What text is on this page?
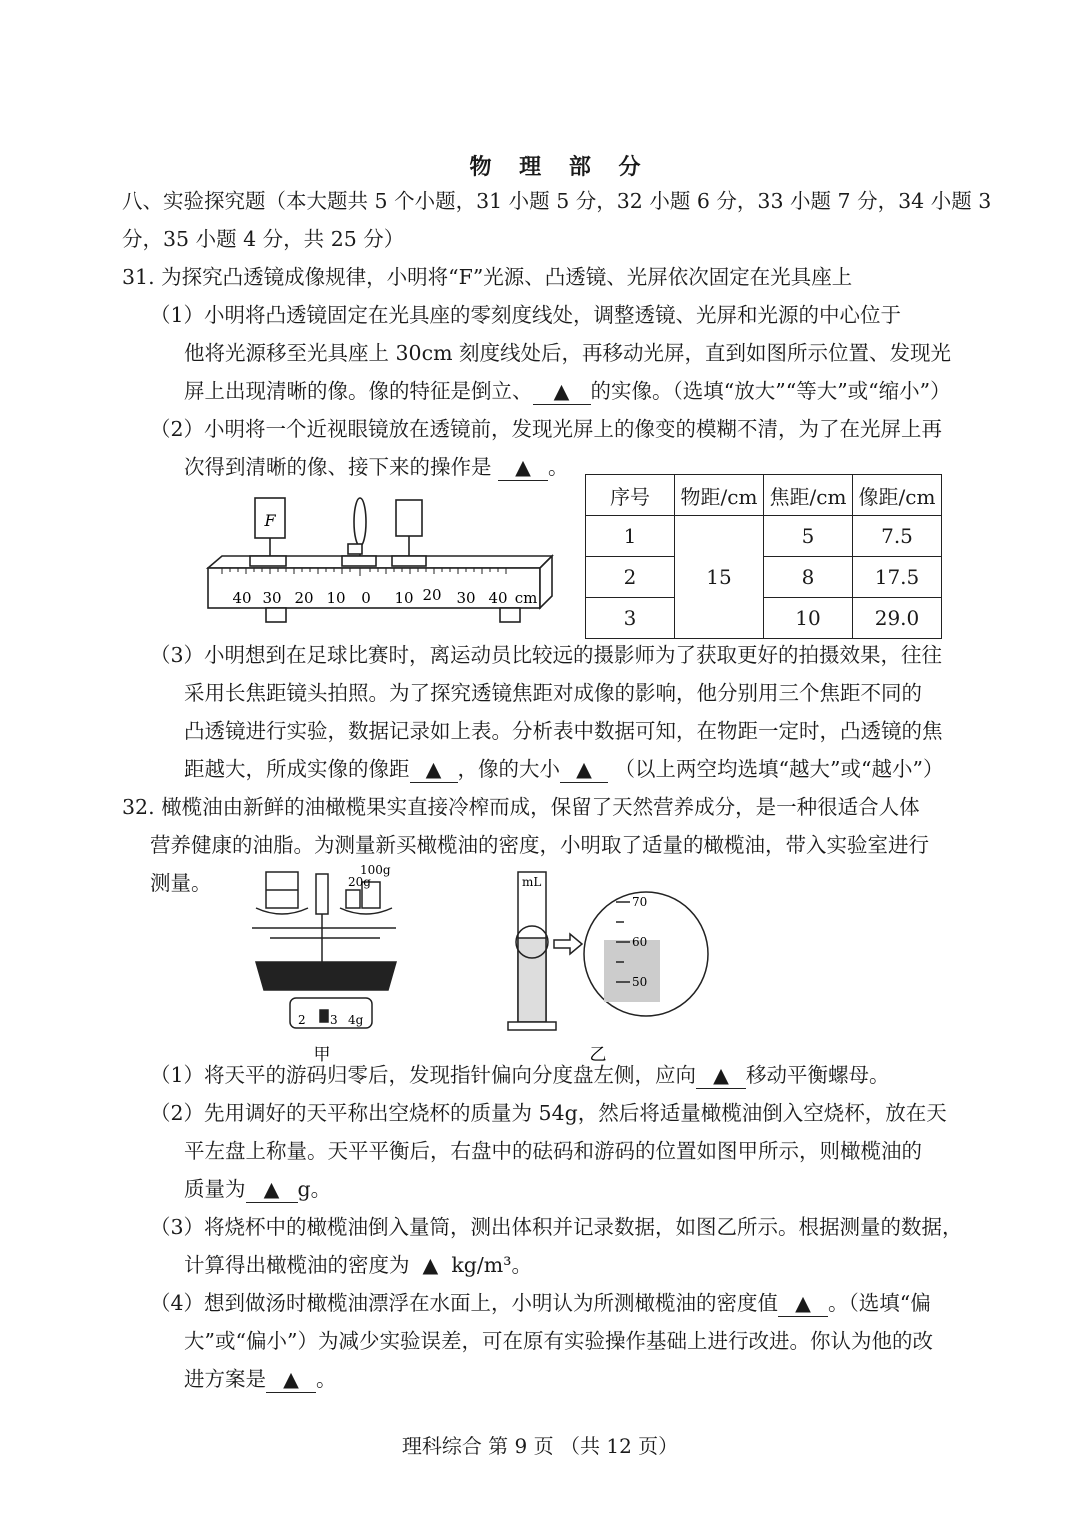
物 理 部 分
八、实验探究题（本大题共 5 个小题，31 小题 5 分，32 小题 6 分，33 小题 7 分，34 小题 3
分，35 小题 4 分，共 25 分）
31. 为探究凸透镜成像规律，小明将“F”光源、凸透镜、光屏依次固定在光具座上
（1）小明将凸透镜固定在光具座的零刻度线处，调整透镜、光屏和光源的中心位于
他将光源移至光具座上 30cm 刻度线处后，再移动光屏，直到如图所示位置、发现光
屏上出现清晰的像。像的特征是倒立、 ▲ 的实像。（选填“放大”“等大”或“缩小”）
（2）小明将一个近视眼镜放在透镜前，发现光屏上的像变的模糊不清，为了在光屏上再
次得到清晰的像、接下来的操作是 ▲ 。
F
40 30 20 10 0 10 20 30 40 cm
序号	物距/cm	焦距/cm	像距/cm
1	15	5	7.5
2		8	17.5
3		10	29.0
（3）小明想到在足球比赛时，离运动员比较远的摄影师为了获取更好的拍摄效果，往往
采用长焦距镜头拍照。为了探究透镜焦距对成像的影响，他分别用三个焦距不同的
凸透镜进行实验，数据记录如上表。分析表中数据可知，在物距一定时，凸透镜的焦
距越大，所成实像的像距 ▲ ，像的大小 ▲ （以上两空均选填“越大”或“越小”）
32. 橄榄油由新鲜的油橄榄果实直接冷榨而成，保留了天然营养成分，是一种很适合人体
营养健康的油脂。为测量新买橄榄油的密度，小明取了适量的橄榄油，带入实验室进行
测量。	20g
100g
2 3 4g
甲
mL
70
60
50
乙
（1）将天平的游码归零后，发现指针偏向分度盘左侧，应向 ▲ 移动平衡螺母。
（2）先用调好的天平称出空烧杯的质量为 54g，然后将适量橄榄油倒入空烧杯，放在天
平左盘上称量。天平平衡后，右盘中的砝码和游码的位置如图甲所示，则橄榄油的
质量为 ▲ g。
（3）将烧杯中的橄榄油倒入量筒，测出体积并记录数据，如图乙所示。根据测量的数据，
计算得出橄榄油的密度为 ▲ kg/m³。
（4）想到做汤时橄榄油漂浮在水面上，小明认为所测橄榄油的密度值 ▲ 。（选填“偏
大”或“偏小”）为减少实验误差，可在原有实验操作基础上进行改进。你认为他的改
进方案是 ▲ 。
理科综合 第 9 页 （共 12 页）
